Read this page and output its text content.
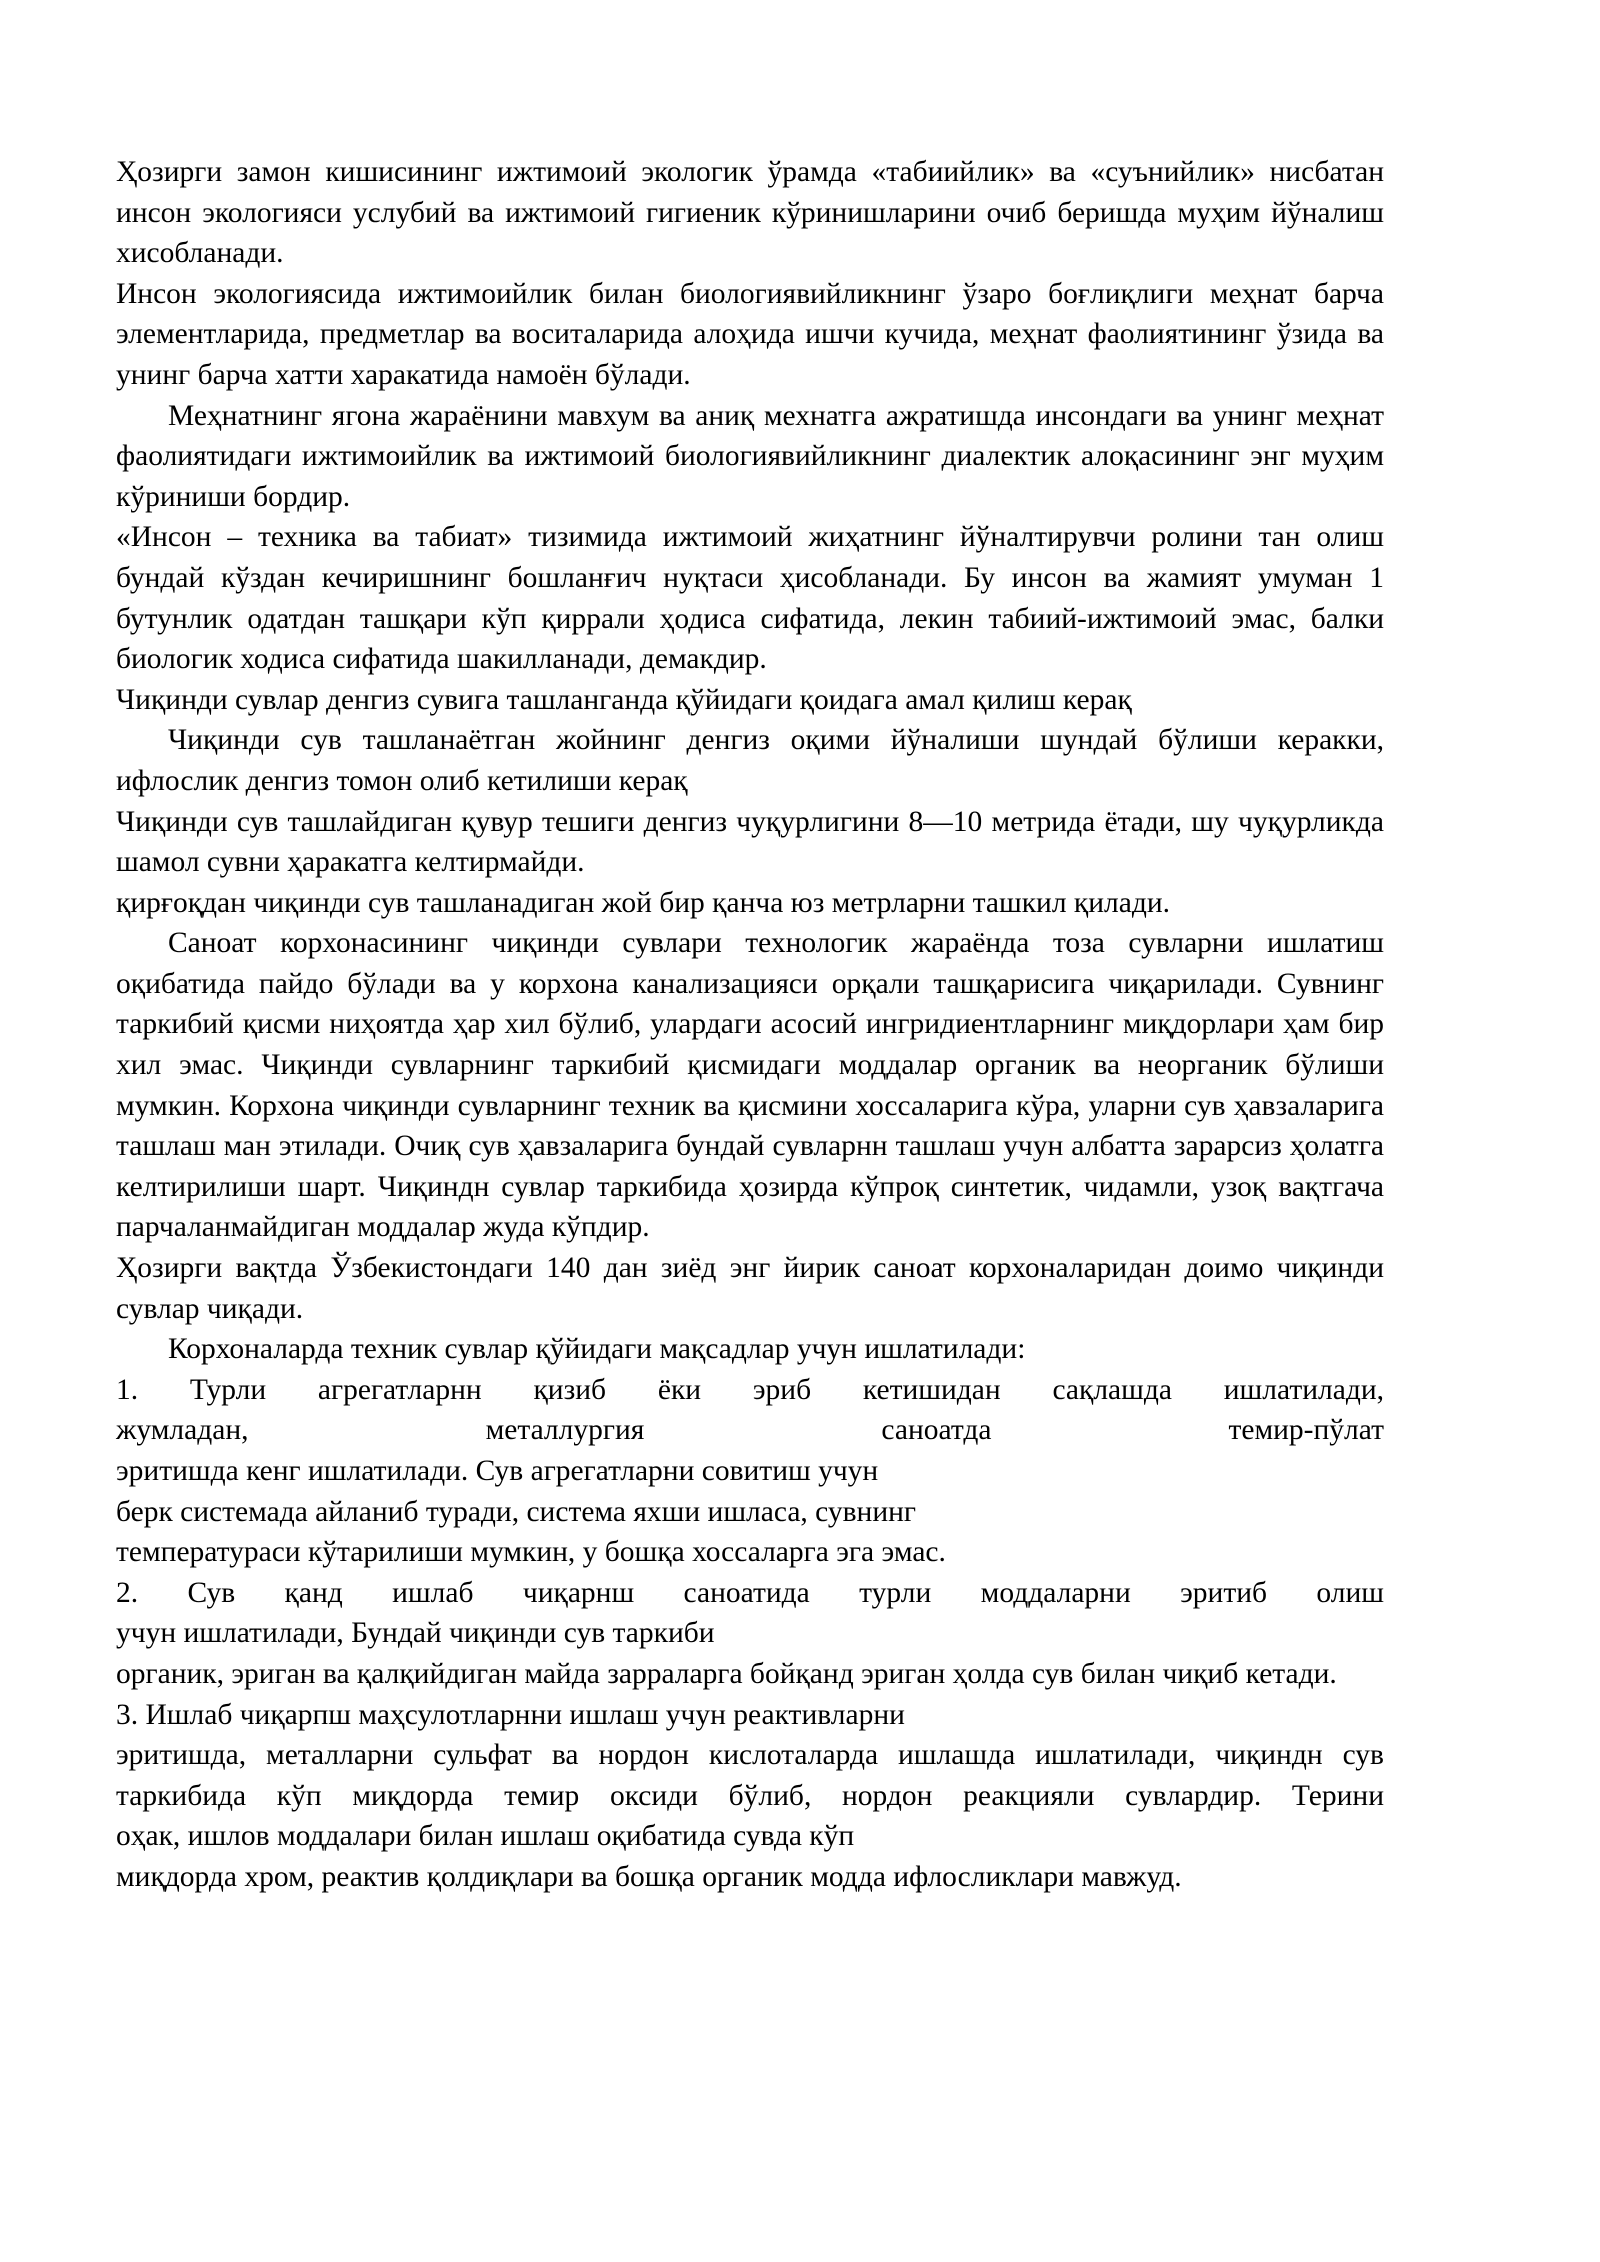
Ҳозирги замон кишисининг ижтимоий экологик ўрамда «табиийлик» ва «суънийлик» нисбатан инсон экологияси услубий ва ижтимоий гигиеник кўринишларини очиб беришда муҳим йўналиш хисобланади.

Инсон экологиясида ижтимоийлик билан биологиявийликнинг ўзаро боғлиқлиги меҳнат барча элементларида, предметлар ва воситаларида алоҳида ишчи кучида, меҳнат фаолиятининг ўзида ва унинг барча хатти харакатида намоён бўлади.

Меҳнатнинг ягона жараёнини мавхум ва аниқ мехнатга ажратишда инсондаги ва унинг меҳнат фаолиятидаги ижтимоийлик ва ижтимоий биологиявийликнинг диалектик алоқасининг энг муҳим кўриниши бордир.

«Инсон – техника ва табиат» тизимида ижтимоий жиҳатнинг йўналтирувчи ролини тан олиш бундай кўздан кечиришнинг бошланғич нуқтаси ҳисобланади. Бу инсон ва жамият умуман 1 бутунлик одатдан ташқари кўп қиррали ҳодиса сифатида, лекин табиий-ижтимоий эмас, балки биологик ходиса сифатида шакилланади, демакдир.

Чиқинди сувлар денгиз сувига ташланганда қўйидаги қоидага амал қилиш керақ

Чиқинди сув ташланаётган жойнинг денгиз оқими йўналиши шундай бўлиши керакки, ифлослик денгиз томон олиб кетилиши керақ

Чиқинди сув ташлайдиган қувур тешиги денгиз чуқурлигини 8—10 метрида ётади, шу чуқурликда шамол сувни ҳаракатга келтирмайди.

қирғоқдан чиқинди сув ташланадиган жой бир қанча юз метрларни ташкил қилади.

Саноат корхонасининг чиқинди сувлари технологик жараёнда тоза сувларни ишлатиш оқибатида пайдо бўлади ва у корхона канализацияси орқали ташқарисига чиқарилади. Сувнинг таркибий қисми ниҳоятда ҳар хил бўлиб, улардаги асосий ингридиентларнинг миқдорлари ҳам бир хил эмас. Чиқинди сувларнинг таркибий қисмидаги моддалар органик ва неорганик бўлиши мумкин. Корхона чиқинди сувларнинг техник ва қисмини хоссаларига кўра, уларни сув ҳавзаларига ташлаш ман этилади. Очиқ сув ҳавзаларига бундай сувларнн ташлаш учун албатта зарарсиз ҳолатга келтирилиши шарт. Чиқиндн сувлар таркибида ҳозирда кўпроқ синтетик, чидамли, узоқ вақтгача парчаланмайдиган моддалар жуда кўпдир.

Ҳозирги вақтда Ўзбекистондаги 140 дан зиёд энг йирик саноат корхоналаридан доимо чиқинди сувлар чиқади.

Корхоналарда техник сувлар қўйидаги мақсадлар учун ишлатилади:

1. Турли агрегатларнн қизиб ёки эриб кетишидан сақлашда ишлатилади,

жумладан, металлургия саноатда темир-пўлат

эритишда кенг ишлатилади. Сув агрегатларни совитиш учун

берк системада айланиб туради, система яхши ишласа, сувнинг

температураси кўтарилиши мумкин, у бошқа хоссаларга эга эмас.

2. Сув қанд ишлаб чиқарнш саноатида турли моддаларни эритиб олиш

учун ишлатилади, Бундай чиқинди сув таркиби

органик, эриган ва қалқийдиган майда зарраларга бойқанд эриган ҳолда сув билан чиқиб кетади.

3. Ишлаб чиқарпш маҳсулотларнни ишлаш учун реактивларни

эритишда, металларни сульфат ва нордон кислоталарда ишлашда ишлатилади, чиқиндн сув таркибида кўп миқдорда темир оксиди бўлиб, нордон реакцияли сувлардир. Терини

оҳак, ишлов моддалари билан ишлаш оқибатида сувда кўп

миқдорда хром, реактив қолдиқлари ва бошқа органик модда ифлосликлари мавжуд.
